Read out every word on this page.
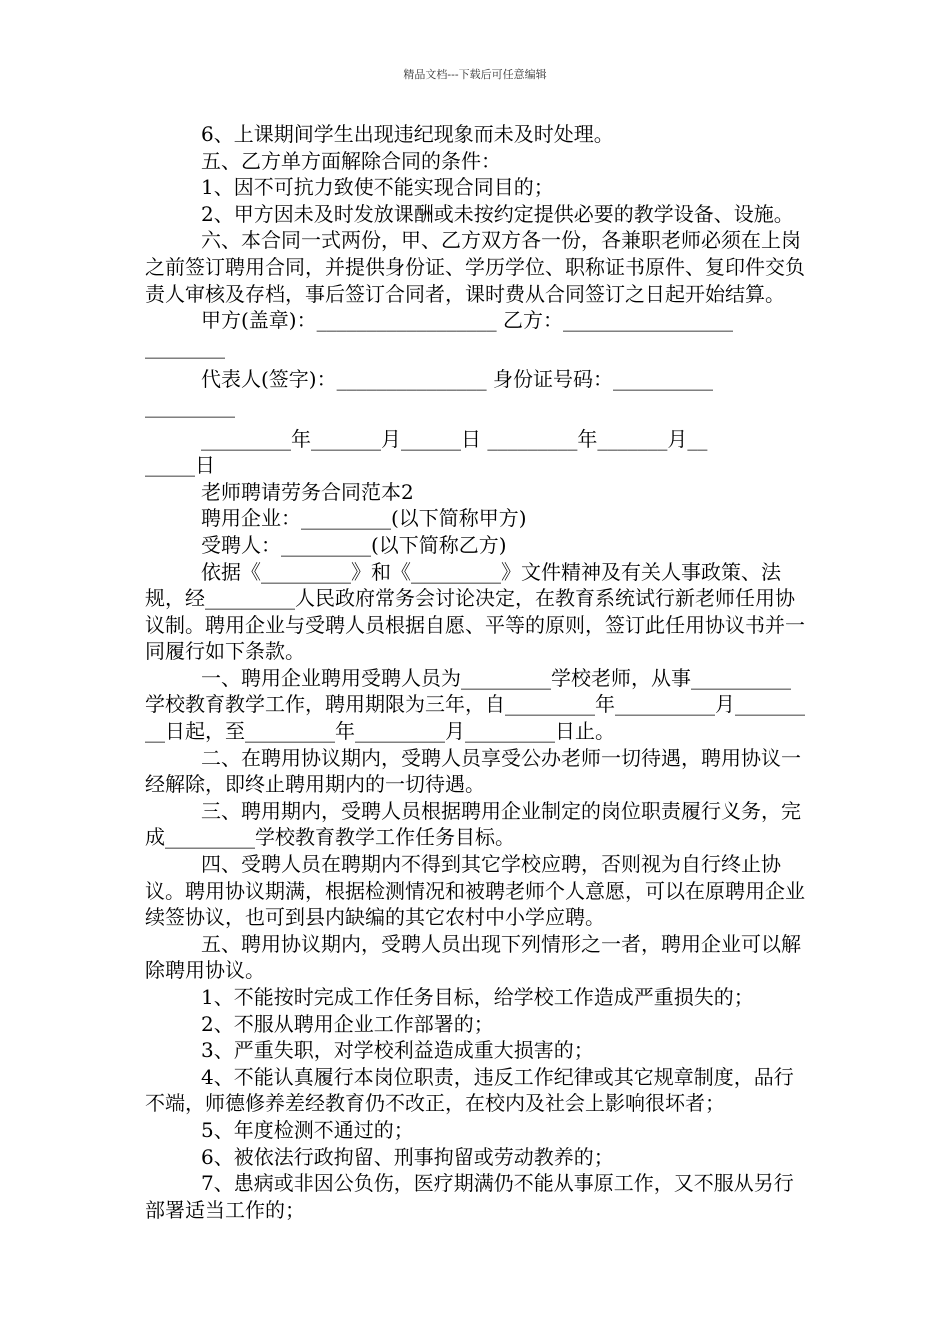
精品文档---下载后可任意编辑

6、上课期间学生出现违纪现象而未及时处理。

五、乙方单方面解除合同的条件：

1、因不可抗力致使不能实现合同目的；

2、甲方因未及时发放课酬或未按约定提供必要的教学设备、设施。

六、本合同一式两份，甲、乙方双方各一份，各兼职老师必须在上岗之前签订聘用合同，并提供身份证、学历学位、职称证书原件、复印件交负责人审核及存档，事后签订合同者，课时费从合同签订之日起开始结算。

甲方(盖章)：__________________ 乙方：_________________
________
代表人(签字)：_______________ 身份证号码：__________
_________
_________年_______月______日 _________年_______月__
_____日

老师聘请劳务合同范本2

聘用企业：_________(以下简称甲方)

受聘人：_________(以下简称乙方)

依据《_________》和《_________》文件精神及有关人事政策、法规，经_________人民政府常务会讨论决定，在教育系统试行新老师任用协议制。聘用企业与受聘人员根据自愿、平等的原则，签订此任用协议书并一同履行如下条款。

一、聘用企业聘用受聘人员为_________学校老师，从事__________学校教育教学工作，聘用期限为三年，自_________年__________月_________日起，至_________年_________月_________日止。

二、在聘用协议期内，受聘人员享受公办老师一切待遇，聘用协议一经解除，即终止聘用期内的一切待遇。

三、聘用期内，受聘人员根据聘用企业制定的岗位职责履行义务，完成_________学校教育教学工作任务目标。

四、受聘人员在聘期内不得到其它学校应聘，否则视为自行终止协议。聘用协议期满，根据检测情况和被聘老师个人意愿，可以在原聘用企业续签协议，也可到县内缺编的其它农村中小学应聘。

五、聘用协议期内，受聘人员出现下列情形之一者，聘用企业可以解除聘用协议。

1、不能按时完成工作任务目标，给学校工作造成严重损失的；

2、不服从聘用企业工作部署的；

3、严重失职，对学校利益造成重大损害的；

4、不能认真履行本岗位职责，违反工作纪律或其它规章制度，品行不端，师德修养差经教育仍不改正，在校内及社会上影响很坏者；

5、年度检测不通过的；

6、被依法行政拘留、刑事拘留或劳动教养的；

7、患病或非因公负伤，医疗期满仍不能从事原工作，又不服从另行部署适当工作的；
